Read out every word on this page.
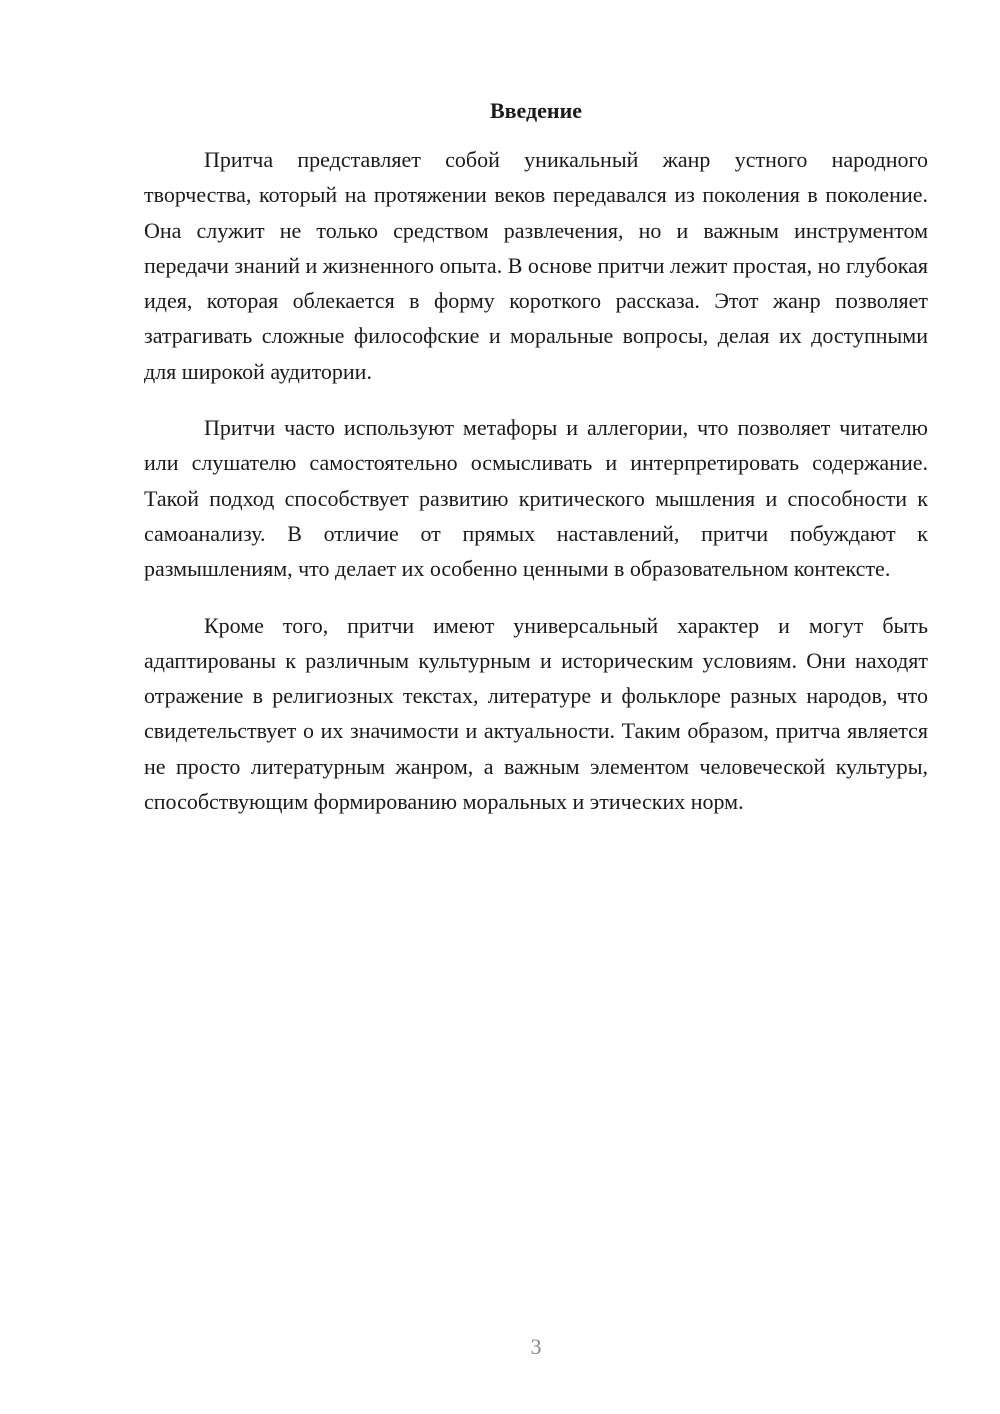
Введение

Притча представляет собой уникальный жанр устного народного творчества, который на протяжении веков передавался из поколения в поколение. Она служит не только средством развлечения, но и важным инструментом передачи знаний и жизненного опыта. В основе притчи лежит простая, но глубокая идея, которая облекается в форму короткого рассказа. Этот жанр позволяет затрагивать сложные философские и моральные вопросы, делая их доступными для широкой аудитории.

Притчи часто используют метафоры и аллегории, что позволяет читателю или слушателю самостоятельно осмысливать и интерпретировать содержание. Такой подход способствует развитию критического мышления и способности к самоанализу. В отличие от прямых наставлений, притчи побуждают к размышлениям, что делает их особенно ценными в образовательном контексте.

Кроме того, притчи имеют универсальный характер и могут быть адаптированы к различным культурным и историческим условиям. Они находят отражение в религиозных текстах, литературе и фольклоре разных народов, что свидетельствует о их значимости и актуальности. Таким образом, притча является не просто литературным жанром, а важным элементом человеческой культуры, способствующим формированию моральных и этических норм.

3
